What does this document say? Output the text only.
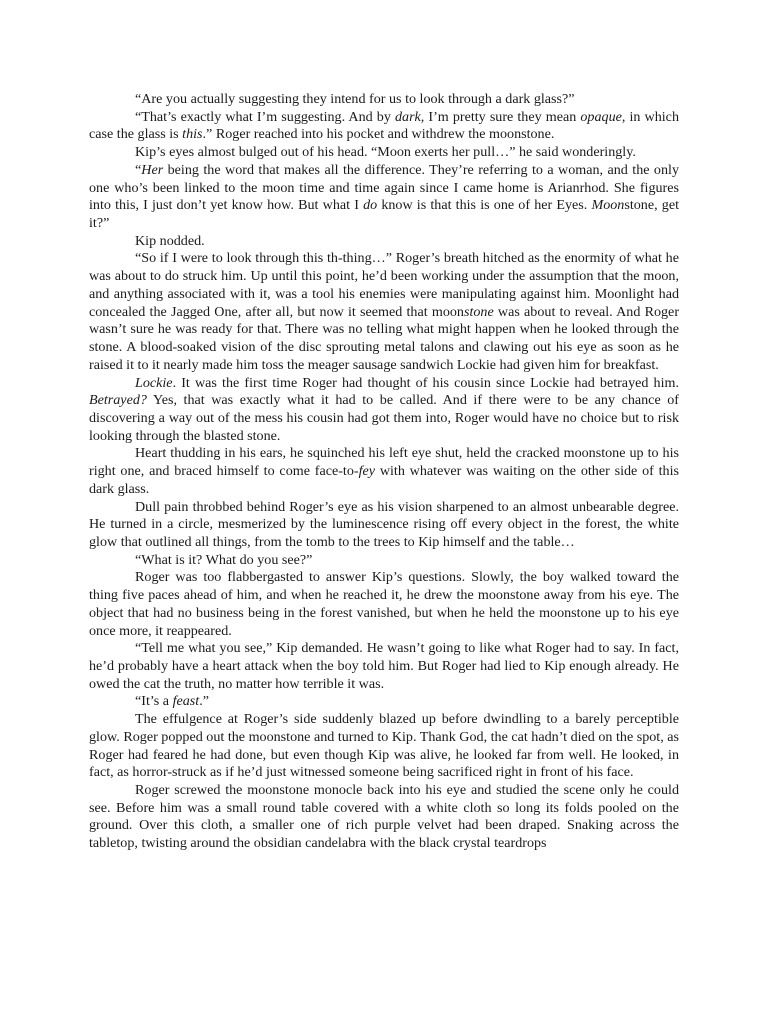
“Are you actually suggesting they intend for us to look through a dark glass?”

“That’s exactly what I’m suggesting. And by dark, I’m pretty sure they mean opaque, in which case the glass is this.” Roger reached into his pocket and withdrew the moonstone.

Kip’s eyes almost bulged out of his head. “Moon exerts her pull…” he said wonderingly.

“Her being the word that makes all the difference. They’re referring to a woman, and the only one who’s been linked to the moon time and time again since I came home is Arianrhod. She figures into this, I just don’t yet know how. But what I do know is that this is one of her Eyes. Moonstone, get it?”

Kip nodded.

“So if I were to look through this th-thing…” Roger’s breath hitched as the enormity of what he was about to do struck him. Up until this point, he’d been working under the assumption that the moon, and anything associated with it, was a tool his enemies were manipulating against him. Moonlight had concealed the Jagged One, after all, but now it seemed that moonstone was about to reveal. And Roger wasn’t sure he was ready for that. There was no telling what might happen when he looked through the stone. A blood-soaked vision of the disc sprouting metal talons and clawing out his eye as soon as he raised it to it nearly made him toss the meager sausage sandwich Lockie had given him for breakfast.

Lockie. It was the first time Roger had thought of his cousin since Lockie had betrayed him. Betrayed? Yes, that was exactly what it had to be called. And if there were to be any chance of discovering a way out of the mess his cousin had got them into, Roger would have no choice but to risk looking through the blasted stone.

Heart thudding in his ears, he squinched his left eye shut, held the cracked moonstone up to his right one, and braced himself to come face-to-fey with whatever was waiting on the other side of this dark glass.

Dull pain throbbed behind Roger’s eye as his vision sharpened to an almost unbearable degree. He turned in a circle, mesmerized by the luminescence rising off every object in the forest, the white glow that outlined all things, from the tomb to the trees to Kip himself and the table…

“What is it? What do you see?”

Roger was too flabbergasted to answer Kip’s questions. Slowly, the boy walked toward the thing five paces ahead of him, and when he reached it, he drew the moonstone away from his eye. The object that had no business being in the forest vanished, but when he held the moonstone up to his eye once more, it reappeared.

“Tell me what you see,” Kip demanded. He wasn’t going to like what Roger had to say. In fact, he’d probably have a heart attack when the boy told him. But Roger had lied to Kip enough already. He owed the cat the truth, no matter how terrible it was.

“It’s a feast.”

The effulgence at Roger’s side suddenly blazed up before dwindling to a barely perceptible glow. Roger popped out the moonstone and turned to Kip. Thank God, the cat hadn’t died on the spot, as Roger had feared he had done, but even though Kip was alive, he looked far from well. He looked, in fact, as horror-struck as if he’d just witnessed someone being sacrificed right in front of his face.

Roger screwed the moonstone monocle back into his eye and studied the scene only he could see. Before him was a small round table covered with a white cloth so long its folds pooled on the ground. Over this cloth, a smaller one of rich purple velvet had been draped. Snaking across the tabletop, twisting around the obsidian candelabra with the black crystal teardrops
